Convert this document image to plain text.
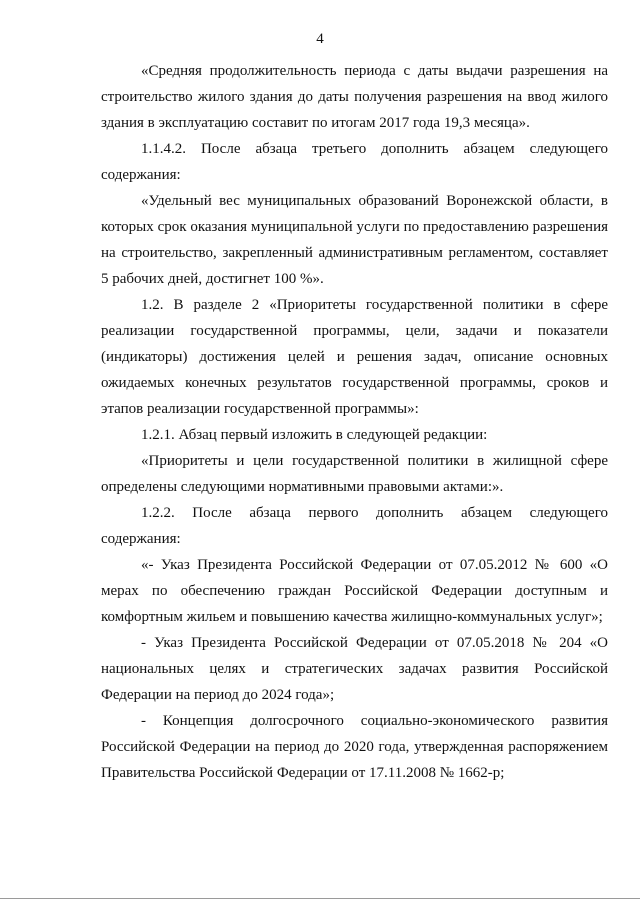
4

«Средняя продолжительность периода с даты выдачи разрешения на строительство жилого здания до даты получения разрешения на ввод жилого здания в эксплуатацию составит по итогам 2017 года 19,3 месяца».

1.1.4.2. После абзаца третьего дополнить абзацем следующего содержания:

«Удельный вес муниципальных образований Воронежской области, в которых срок оказания муниципальной услуги по предоставлению разрешения на строительство, закрепленный административным регламентом, составляет 5 рабочих дней, достигнет 100 %».

1.2. В разделе 2 «Приоритеты государственной политики в сфере реализации государственной программы, цели, задачи и показатели (индикаторы) достижения целей и решения задач, описание основных ожидаемых конечных результатов государственной программы, сроков и этапов реализации государственной программы»:

1.2.1. Абзац первый изложить в следующей редакции:

«Приоритеты и цели государственной политики в жилищной сфере определены следующими нормативными правовыми актами:».

1.2.2. После абзаца первого дополнить абзацем следующего содержания:

«- Указ Президента Российской Федерации от 07.05.2012 № 600 «О мерах по обеспечению граждан Российской Федерации доступным и комфортным жильем и повышению качества жилищно-коммунальных услуг»;

- Указ Президента Российской Федерации от 07.05.2018 № 204 «О национальных целях и стратегических задачах развития Российской Федерации на период до 2024 года»;

- Концепция долгосрочного социально-экономического развития Российской Федерации на период до 2020 года, утвержденная распоряжением Правительства Российской Федерации от 17.11.2008 № 1662-р;
